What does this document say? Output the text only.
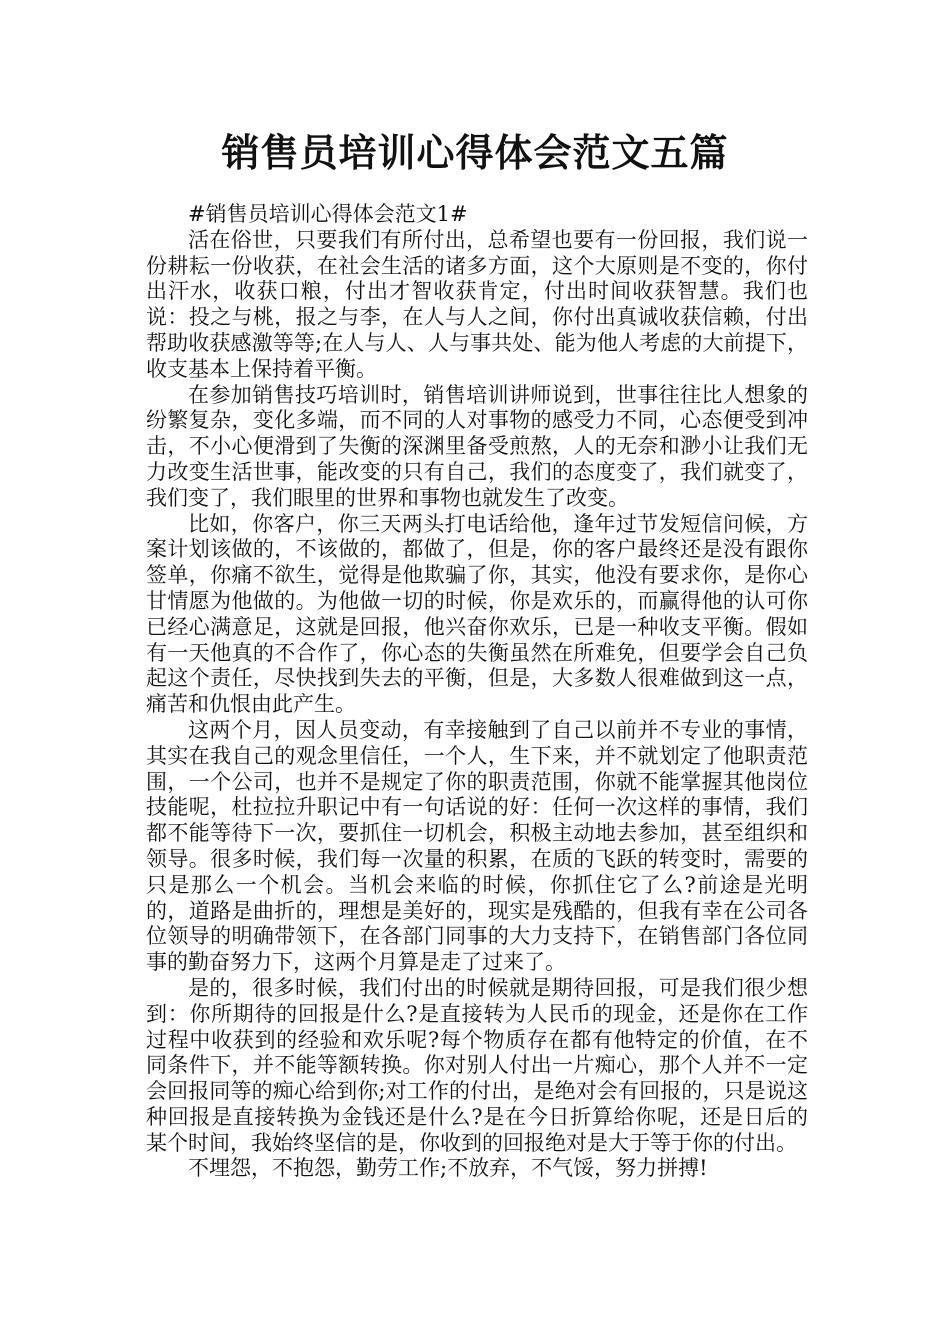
销售员培训心得体会范文五篇

#销售员培训心得体会范文1#

活在俗世，只要我们有所付出，总希望也要有一份回报，我们说一份耕耘一份收获，在社会生活的诸多方面，这个大原则是不变的，你付出汗水，收获口粮，付出才智收获肯定，付出时间收获智慧。我们也说：投之与桃，报之与李，在人与人之间，你付出真诚收获信赖，付出帮助收获感激等等;在人与人、人与事共处、能为他人考虑的大前提下，收支基本上保持着平衡。

在参加销售技巧培训时，销售培训讲师说到，世事往往比人想象的纷繁复杂，变化多端，而不同的人对事物的感受力不同，心态便受到冲击，不小心便滑到了失衡的深渊里备受煎熬，人的无奈和渺小让我们无力改变生活世事，能改变的只有自己，我们的态度变了，我们就变了，我们变了，我们眼里的世界和事物也就发生了改变。

比如，你客户，你三天两头打电话给他，逢年过节发短信问候，方案计划该做的，不该做的，都做了，但是，你的客户最终还是没有跟你签单，你痛不欲生，觉得是他欺骗了你，其实，他没有要求你，是你心甘情愿为他做的。为他做一切的时候，你是欢乐的，而赢得他的认可你已经心满意足，这就是回报，他兴奋你欢乐，已是一种收支平衡。假如有一天他真的不合作了，你心态的失衡虽然在所难免，但要学会自己负起这个责任，尽快找到失去的平衡，但是，大多数人很难做到这一点，痛苦和仇恨由此产生。

这两个月，因人员变动，有幸接触到了自己以前并不专业的事情，其实在我自己的观念里信任，一个人，生下来，并不就划定了他职责范围，一个公司，也并不是规定了你的职责范围，你就不能掌握其他岗位技能呢，杜拉拉升职记中有一句话说的好：任何一次这样的事情，我们都不能等待下一次，要抓住一切机会，积极主动地去参加，甚至组织和领导。很多时候，我们每一次量的积累，在质的飞跃的转变时，需要的只是那么一个机会。当机会来临的时候，你抓住它了么?前途是光明的，道路是曲折的，理想是美好的，现实是残酷的，但我有幸在公司各位领导的明确带领下，在各部门同事的大力支持下，在销售部门各位同事的勤奋努力下，这两个月算是走了过来了。

是的，很多时候，我们付出的时候就是期待回报，可是我们很少想到：你所期待的回报是什么?是直接转为人民币的现金，还是你在工作过程中收获到的经验和欢乐呢?每个物质存在都有他特定的价值，在不同条件下，并不能等额转换。你对别人付出一片痴心，那个人并不一定会回报同等的痴心给到你;对工作的付出，是绝对会有回报的，只是说这种回报是直接转换为金钱还是什么?是在今日折算给你呢，还是日后的某个时间，我始终坚信的是，你收到的回报绝对是大于等于你的付出。

不埋怨，不抱怨，勤劳工作;不放弃，不气馁，努力拼搏!
